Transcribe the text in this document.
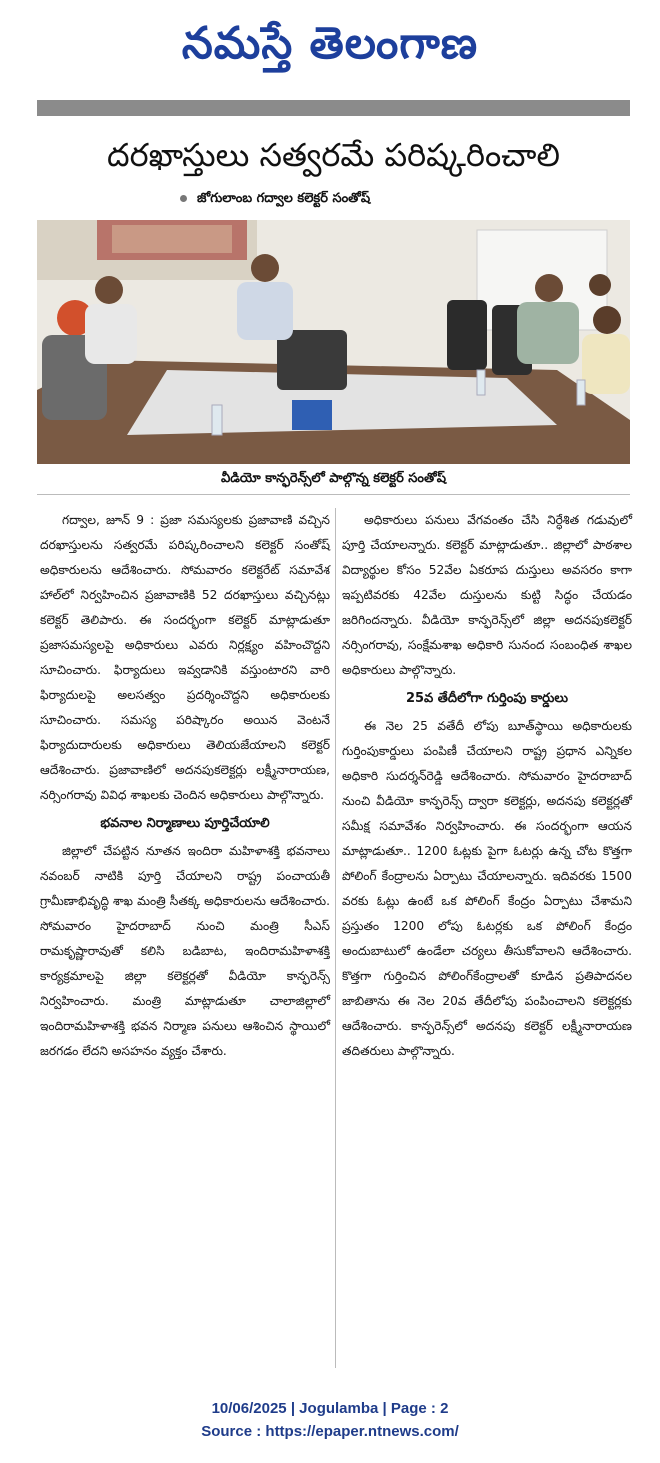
నమస్తే తెలంగాణ
దరఖాస్తులు సత్వరమే పరిష్కరించాలి
జోగులాంబ గద్వాల కలెక్టర్ సంతోష్
వీడియో కాన్ఫరెన్స్‌లో పాల్గొన్న కలెక్టర్ సంతోష్

గద్వాల, జూన్ 9 : ప్రజా సమస్యలకు ప్రజావాణి వచ్చిన దరఖాస్తులను సత్వరమే పరిష్కరించాలని కలెక్టర్ సంతోష్ అధికారులను ఆదేశించారు. సోమవారం కలెక్టరేట్ సమావేశ హాల్‌లో నిర్వహించిన ప్రజావాణికి 52 దరఖాస్తులు వచ్చినట్లు కలెక్టర్ తెలిపారు. ఈ సందర్భంగా కలెక్టర్ మాట్లాడుతూ ప్రజాసమస్యలపై అధికారులు ఎవరు నిర్లక్ష్యం వహించొద్దని సూచించారు. ఫిర్యాదులు ఇవ్వడానికి వస్తుంటారని వారి ఫిర్యాదులపై అలసత్వం ప్రదర్శించొద్దని అధికారులకు సూచించారు. సమస్య పరిష్కారం అయిన వెంటనే ఫిర్యాదుదారులకు అధికారులు తెలియజేయాలని కలెక్టర్ ఆదేశించారు. ప్రజావాణిలో అదనపుకలెక్టర్లు లక్ష్మీనారాయణ, నర్సింగరావు వివిధ శాఖలకు చెందిన అధికారులు పాల్గొన్నారు.

భవనాల నిర్మాణాలు పూర్తిచేయాలి

జిల్లాలో చేపట్టిన నూతన ఇందిరా మహిళాశక్తి భవనాలు నవంబర్ నాటికి పూర్తి చేయాలని రాష్ట్ర పంచాయతీ గ్రామీణాభివృద్ధి శాఖ మంత్రి సీతక్క అధికారులను ఆదేశించారు. సోమవారం హైదరాబాద్ నుంచి మంత్రి సీఎస్ రామకృష్ణారావుతో కలిసి బడిబాట, ఇందిరామహిళాశక్తి కార్యక్రమాలపై జిల్లా కలెక్టర్లతో వీడియో కాన్ఫరెన్స్ నిర్వహించారు. మంత్రి మాట్లాడుతూ చాలాజిల్లాలో ఇందిరామహిళాశక్తి భవన నిర్మాణ పనులు ఆశించిన స్థాయిలో జరగడం లేదని అసహనం వ్యక్తం చేశారు.

అధికారులు పనులు వేగవంతం చేసి నిర్ధేశిత గడువులో పూర్తి చేయాలన్నారు. కలెక్టర్ మాట్లాడుతూ.. జిల్లాలో పాఠశాల విద్యార్థుల కోసం 52వేల ఏకరూప దుస్తులు అవసరం కాగా ఇప్పటివరకు 42వేల దుస్తులను కుట్టి సిద్ధం చేయడం జరిగిందన్నారు. వీడియో కాన్ఫరెన్స్‌లో జిల్లా అదనపుకలెక్టర్ నర్సింగరావు, సంక్షేమశాఖ అధికారి సునంద సంబంధిత శాఖల అధికారులు పాల్గొన్నారు.

25వ తేదీలోగా గుర్తింపు కార్డులు

ఈ నెల 25 వతేదీ లోపు బూత్‌స్థాయి అధికారులకు గుర్తింపుకార్డులు పంపిణీ చేయాలని రాష్ట్ర ప్రధాన ఎన్నికల అధికారి సుదర్శన్‌రెడ్డి ఆదేశించారు. సోమవారం హైదరాబాద్ నుంచి వీడియో కాన్ఫరెన్స్ ద్వారా కలెక్టర్లు, అదనపు కలెక్టర్లతో సమీక్ష సమావేశం నిర్వహించారు. ఈ సందర్భంగా ఆయన మాట్లాడుతూ.. 1200 ఓట్లకు పైగా ఓటర్లు ఉన్న చోట కొత్తగా పోలింగ్ కేంద్రాలను ఏర్పాటు చేయాలన్నారు. ఇదివరకు 1500 వరకు ఓట్లు ఉంటే ఒక పోలింగ్ కేంద్రం ఏర్పాటు చేశామని ప్రస్తుతం 1200 లోపు ఓటర్లకు ఒక పోలింగ్ కేంద్రం అందుబాటులో ఉండేలా చర్యలు తీసుకోవాలని ఆదేశించారు. కొత్తగా గుర్తించిన పోలింగ్‌కేంద్రాలతో కూడిన ప్రతిపాదనల జాబితాను ఈ నెల 20వ తేదీలోపు పంపించాలని కలెక్టర్లకు ఆదేశించారు. కాన్ఫరెన్స్‌లో అదనపు కలెక్టర్ లక్ష్మీనారాయణ తదితరులు పాల్గొన్నారు.

10/06/2025 | Jogulamba | Page : 2
Source : https://epaper.ntnews.com/
